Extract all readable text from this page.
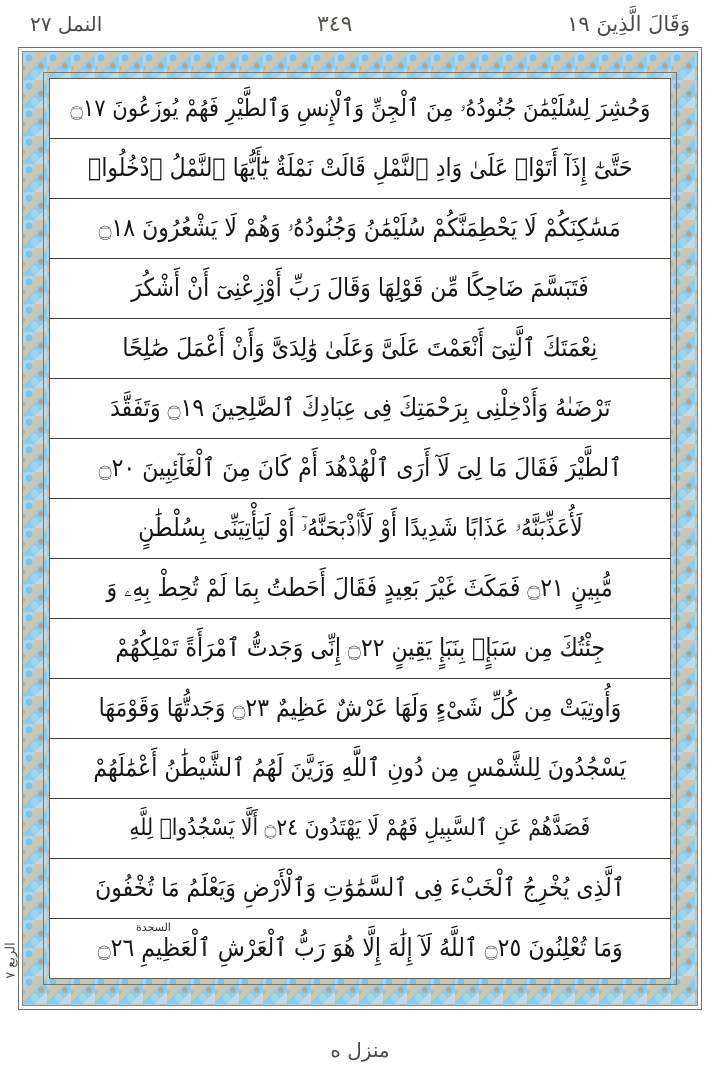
وَقَالَ الَّذِينَ ١٩
٣٤٩
النمل ٢٧
وَحُشِرَ لِسُلَيْمَٰنَ جُنُودُهُۥ مِنَ ٱلْجِنِّ وَٱلْإِنسِ وَٱلطَّيْرِ فَهُمْ يُوزَعُونَ ۝١٧
حَتَّىٰٓ إِذَآ أَتَوْا۟ عَلَىٰ وَادِ ٱلنَّمْلِ قَالَتْ نَمْلَةٌ يَٰٓأَيُّهَا ٱلنَّمْلُ ٱدْخُلُوا۟
مَسَٰكِنَكُمْ لَا يَحْطِمَنَّكُمْ سُلَيْمَٰنُ وَجُنُودُهُۥ وَهُمْ لَا يَشْعُرُونَ ۝١٨
فَتَبَسَّمَ ضَاحِكًا مِّن قَوْلِهَا وَقَالَ رَبِّ أَوْزِعْنِىٓ أَنْ أَشْكُرَ
نِعْمَتَكَ ٱلَّتِىٓ أَنْعَمْتَ عَلَىَّ وَعَلَىٰ وَٰلِدَىَّ وَأَنْ أَعْمَلَ صَٰلِحًا
تَرْضَىٰهُ وَأَدْخِلْنِى بِرَحْمَتِكَ فِى عِبَادِكَ ٱلصَّٰلِحِينَ ۝١٩ وَتَفَقَّدَ
ٱلطَّيْرَ فَقَالَ مَا لِىَ لَآ أَرَى ٱلْهُدْهُدَ أَمْ كَانَ مِنَ ٱلْغَآئِبِينَ ۝٢٠
لَأُعَذِّبَنَّهُۥ عَذَابًا شَدِيدًا أَوْ لَأَا۟ذْبَحَنَّهُۥٓ أَوْ لَيَأْتِيَنِّى بِسُلْطَٰنٍ
مُّبِينٍ ۝٢١ فَمَكَثَ غَيْرَ بَعِيدٍ فَقَالَ أَحَطتُ بِمَا لَمْ تُحِطْ بِهِۦ وَ
جِئْتُكَ مِن سَبَإٍۭ بِنَبَإٍ يَقِينٍ ۝٢٢ إِنِّى وَجَدتُّ ٱمْرَأَةً تَمْلِكُهُمْ
وَأُوتِيَتْ مِن كُلِّ شَىْءٍ وَلَهَا عَرْشٌ عَظِيمٌ ۝٢٣ وَجَدتُّهَا وَقَوْمَهَا
يَسْجُدُونَ لِلشَّمْسِ مِن دُونِ ٱللَّهِ وَزَيَّنَ لَهُمُ ٱلشَّيْطَٰنُ أَعْمَٰلَهُمْ
فَصَدَّهُمْ عَنِ ٱلسَّبِيلِ فَهُمْ لَا يَهْتَدُونَ ۝٢٤ أَلَّا يَسْجُدُوا۟ لِلَّهِ
ٱلَّذِى يُخْرِجُ ٱلْخَبْءَ فِى ٱلسَّمَٰوَٰتِ وَٱلْأَرْضِ وَيَعْلَمُ مَا تُخْفُونَ
وَمَا تُعْلِنُونَ ۝٢٥ ٱللَّهُ لَآ إِلَٰهَ إِلَّا هُوَ رَبُّ ٱلْعَرْشِ ٱلْعَظِيمِ ۝٢٦
السجدة
الربع ٧
منزل ه
